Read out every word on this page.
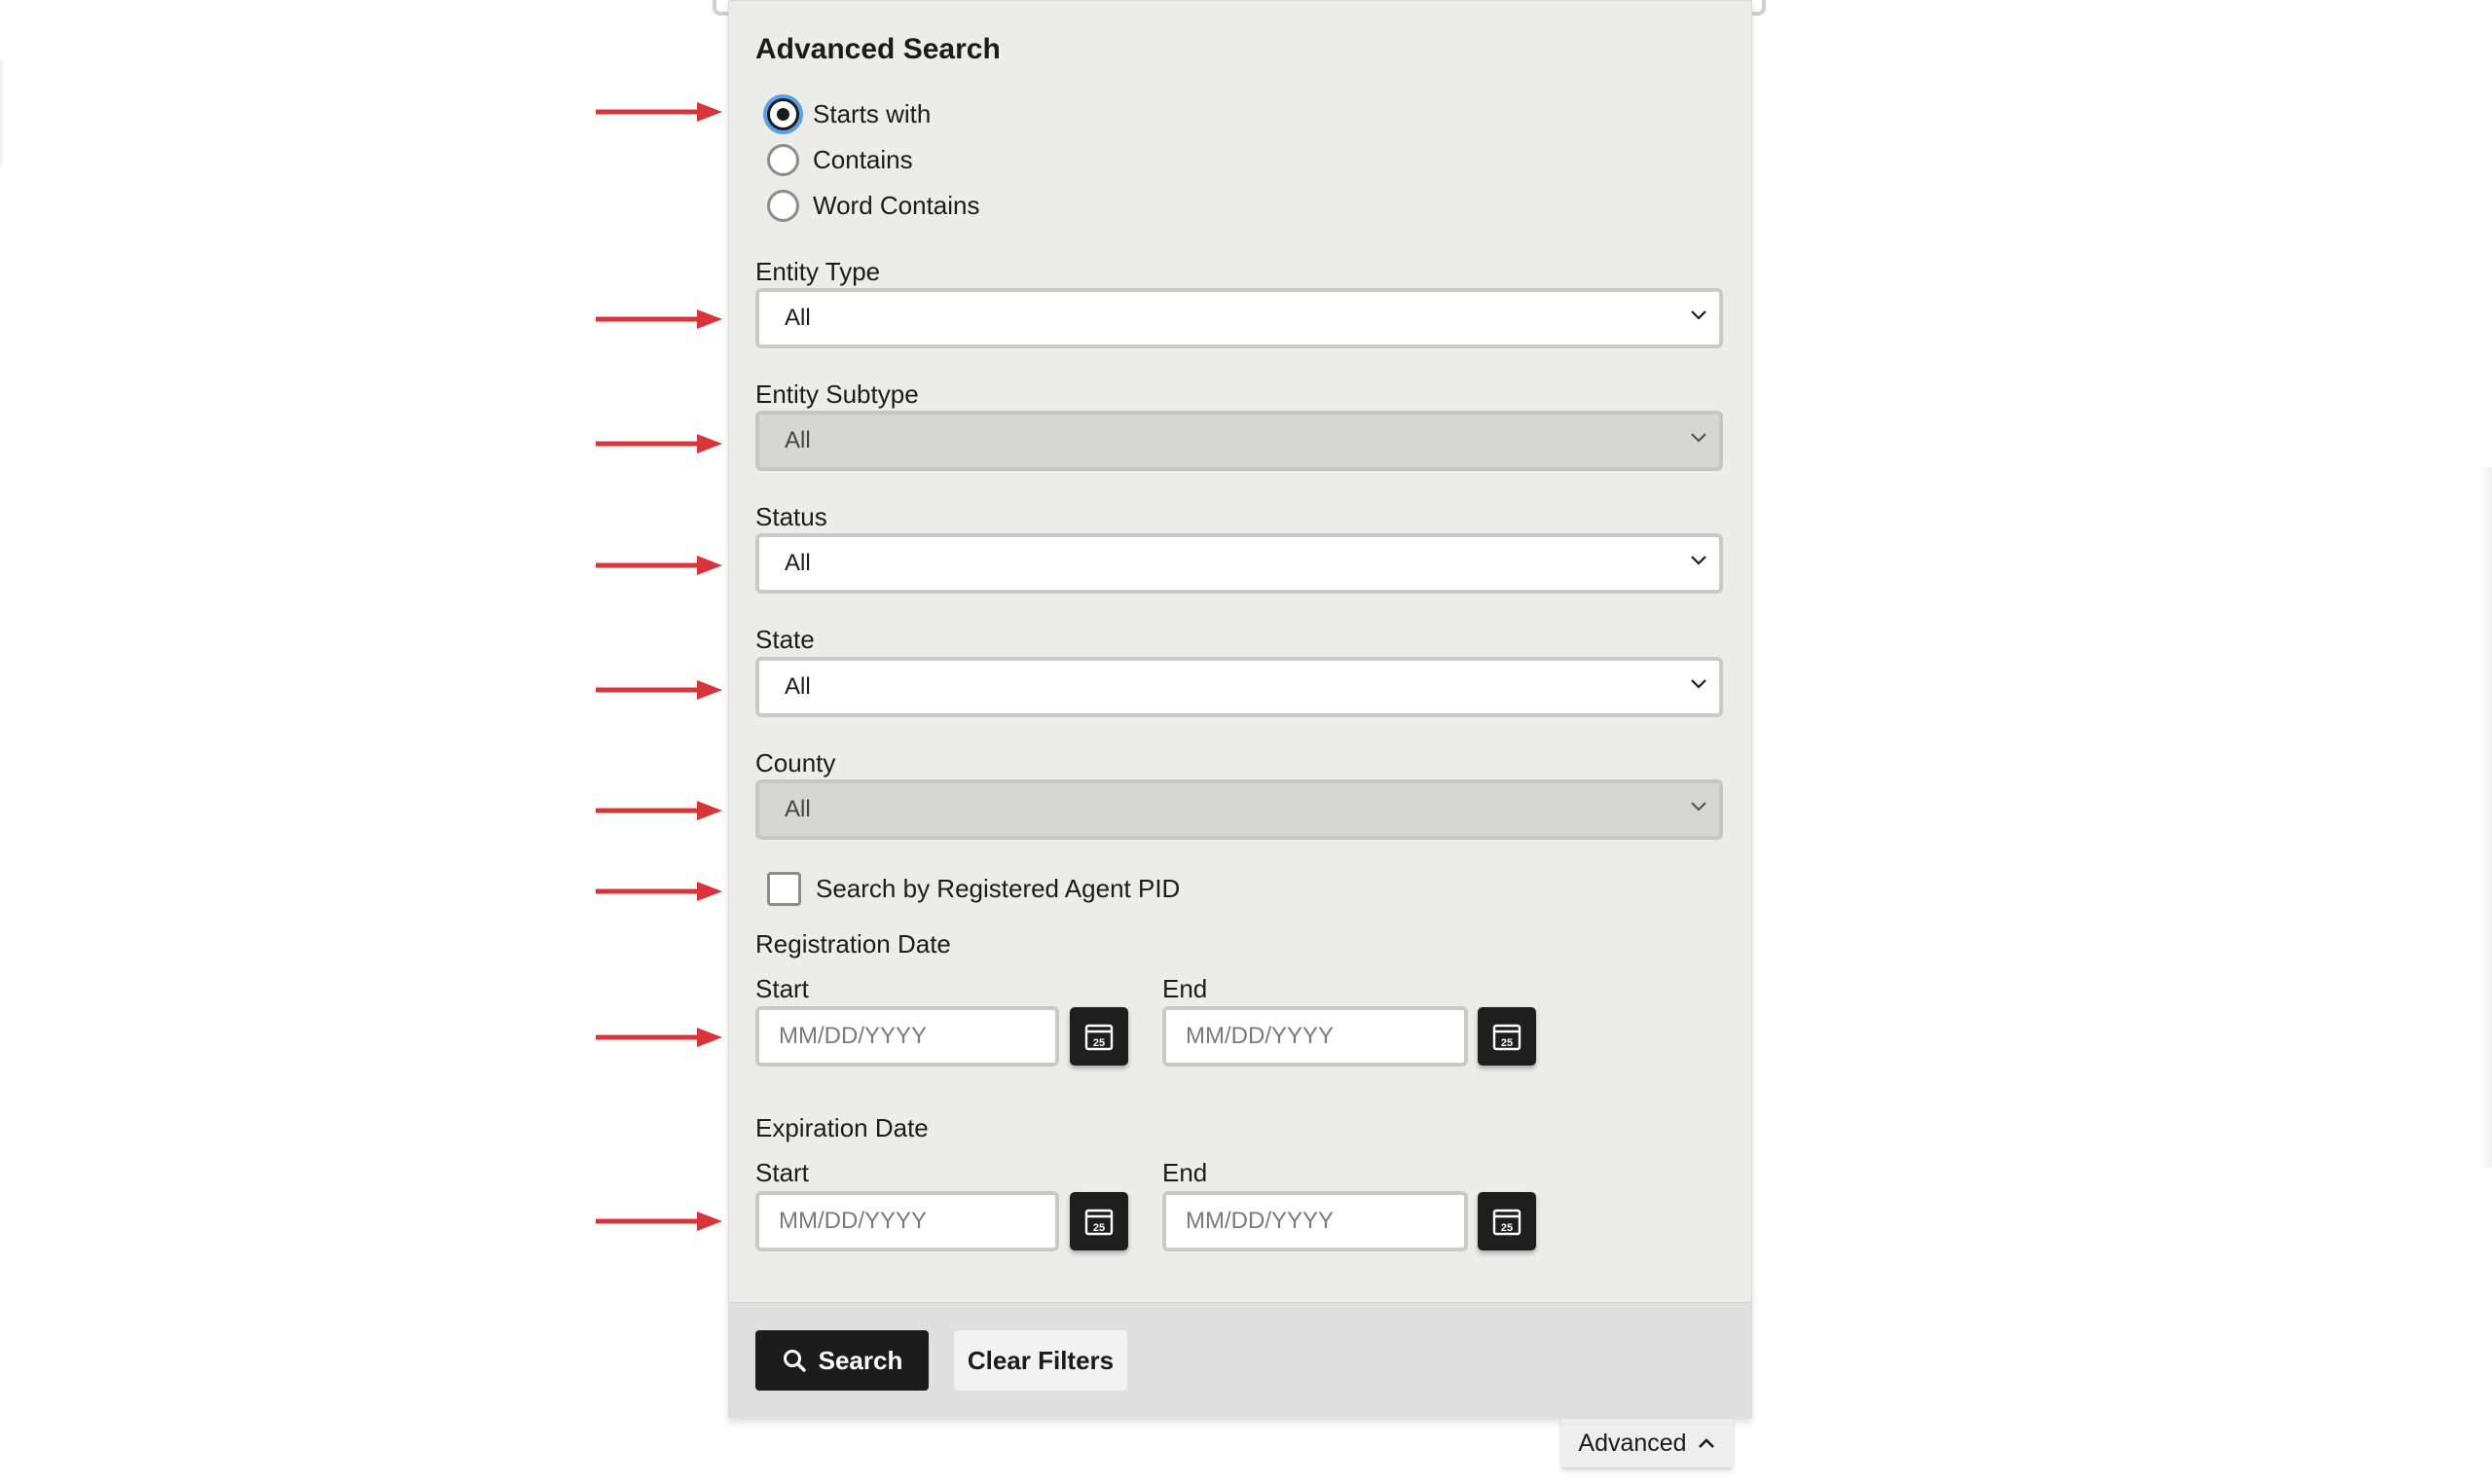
Advanced Search
Starts with
Contains
Word Contains
Entity Type
All
Entity Subtype
All
Status
All
State
All
County
All
Search by Registered Agent PID
Registration Date
Start	End
MM/DD/YYYY	25	MM/DD/YYYY	25
Expiration Date
Start	End
MM/DD/YYYY	25	MM/DD/YYYY	25
Search	Clear Filters
Advanced
